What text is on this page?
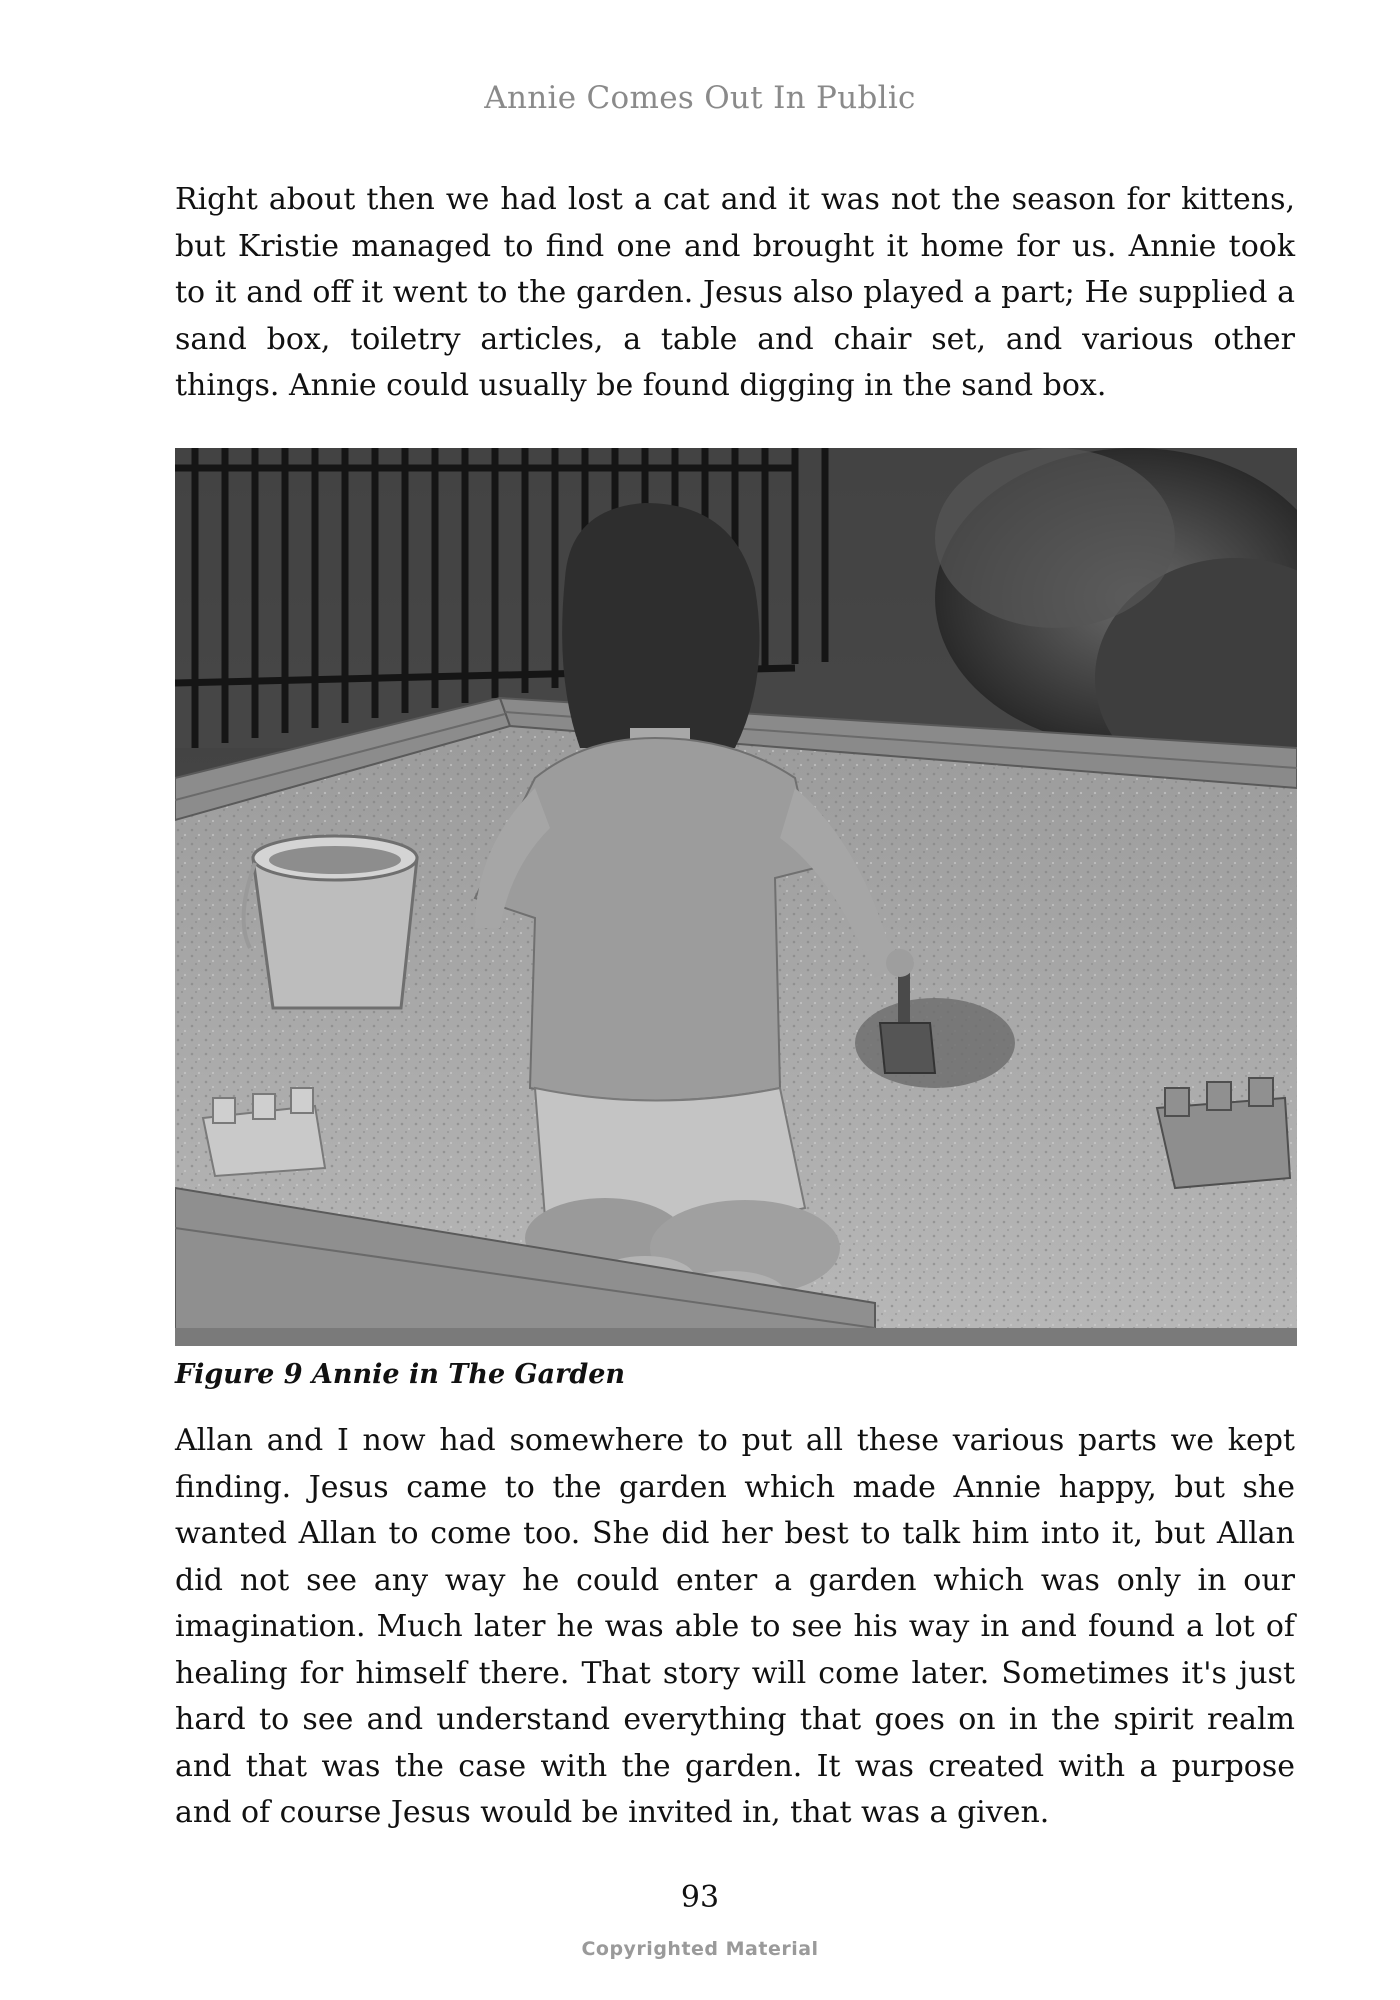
Annie Comes Out In Public

Right about then we had lost a cat and it was not the season for kittens, but Kristie managed to find one and brought it home for us. Annie took to it and off it went to the garden. Jesus also played a part; He supplied a sand box, toiletry articles, a table and chair set, and various other things. Annie could usually be found digging in the sand box.

Figure 9 Annie in The Garden

Allan and I now had somewhere to put all these various parts we kept finding. Jesus came to the garden which made Annie happy, but she wanted Allan to come too. She did her best to talk him into it, but Allan did not see any way he could enter a garden which was only in our imagination. Much later he was able to see his way in and found a lot of healing for himself there. That story will come later. Sometimes it's just hard to see and understand everything that goes on in the spirit realm and that was the case with the garden. It was created with a purpose and of course Jesus would be invited in, that was a given.

93
Copyrighted Material
